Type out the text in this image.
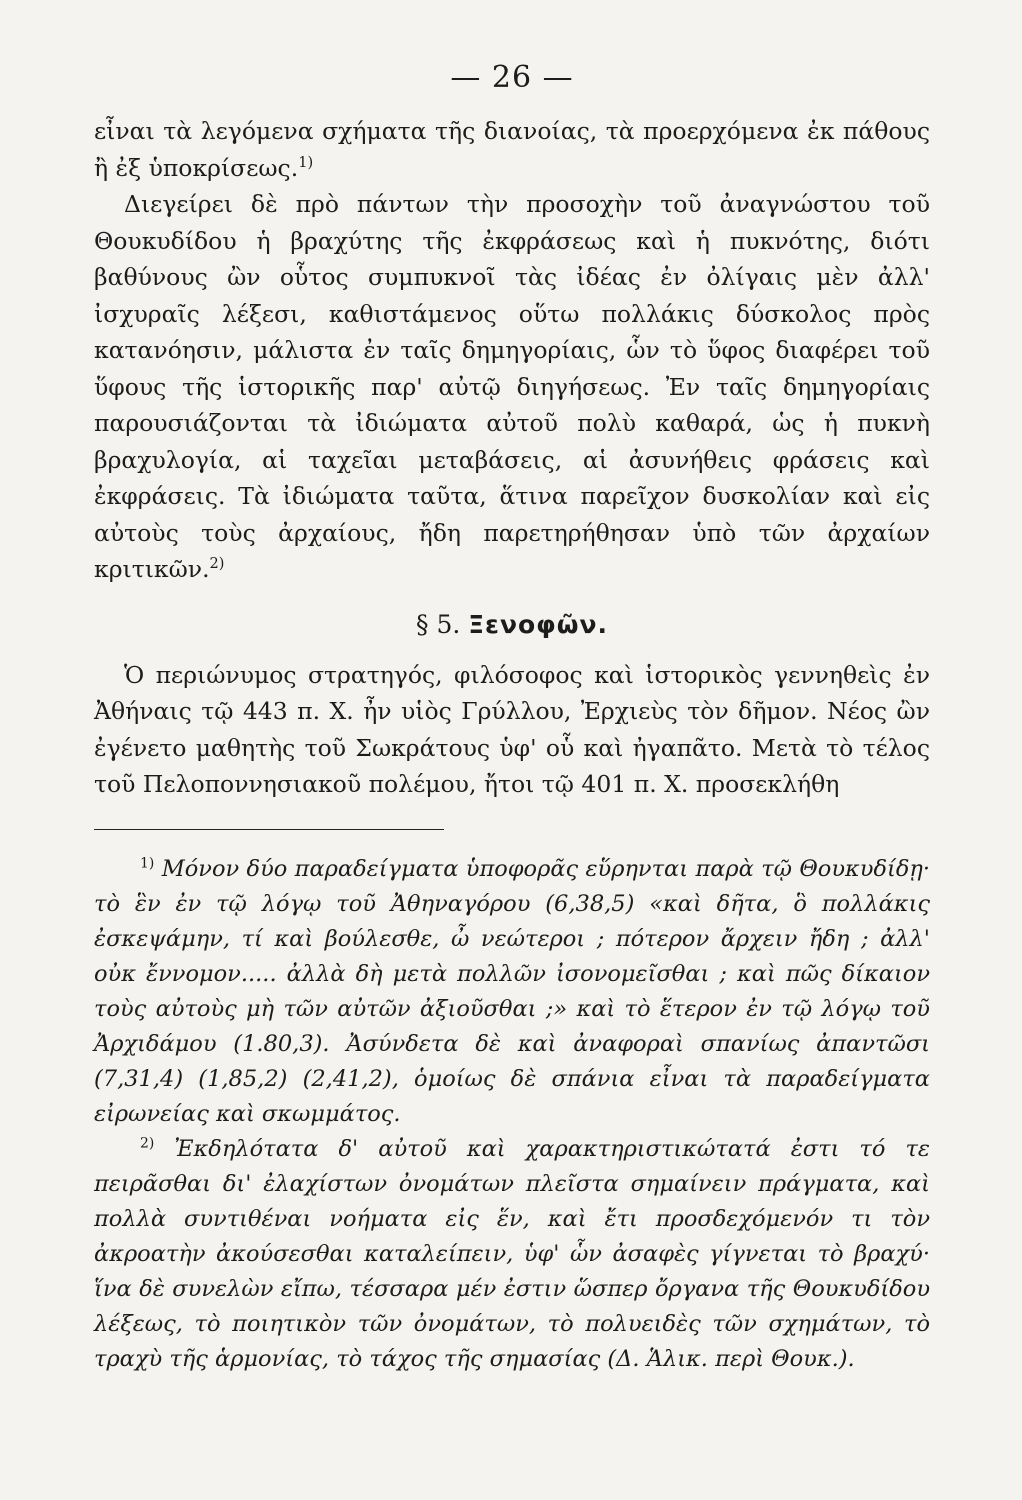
— 26 —

εἶναι τὰ λεγόμενα σχήματα τῆς διανοίας, τὰ προερχόμενα ἐκ πάθους ἢ ἐξ ὑποκρίσεως.$^{1)}$

Διεγείρει δὲ πρὸ πάντων τὴν προσοχὴν τοῦ ἀναγνώστου τοῦ Θουκυδίδου ἡ βραχύτης τῆς ἐκφράσεως καὶ ἡ πυκνότης, διότι βαθύνους ὢν οὗτος συμπυκνοῖ τὰς ἰδέας ἐν ὀλίγαις μὲν ἀλλ' ἰσχυραῖς λέξεσι, καθιστάμενος οὕτω πολλάκις δύσκολος πρὸς κατανόησιν, μάλιστα ἐν ταῖς δημηγορίαις, ὧν τὸ ὕφος διαφέρει τοῦ ὕφους τῆς ἱστορικῆς παρ' αὐτῷ διηγήσεως. Ἐν ταῖς δημηγορίαις παρουσιάζονται τὰ ἰδιώματα αὐτοῦ πολὺ καθαρά, ὡς ἡ πυκνὴ βραχυλογία, αἱ ταχεῖαι μεταβάσεις, αἱ ἀσυνήθεις φράσεις καὶ ἐκφράσεις. Τὰ ἰδιώματα ταῦτα, ἅτινα παρεῖχον δυσκολίαν καὶ εἰς αὐτοὺς τοὺς ἀρχαίους, ἤδη παρετηρήθησαν ὑπὸ τῶν ἀρχαίων κριτικῶν.$^{2)}$

§ 5. Ξενοφῶν.

Ὁ περιώνυμος στρατηγός, φιλόσοφος καὶ ἱστορικὸς γεννηθεὶς ἐν Ἀθήναις τῷ 443 π. Χ. ἦν υἱὸς Γρύλλου, Ἐρχιεὺς τὸν δῆμον. Νέος ὢν ἐγένετο μαθητὴς τοῦ Σωκράτους ὑφ' οὗ καὶ ἠγαπᾶτο. Μετὰ τὸ τέλος τοῦ Πελοποννησιακοῦ πολέμου, ἤτοι τῷ 401 π. Χ. προσεκλήθη

$^{1)}$ Μόνον δύο παραδείγματα ὑποφορᾶς εὕρηνται παρὰ τῷ Θουκυδίδῃ· τὸ ἓν ἐν τῷ λόγῳ τοῦ Ἀθηναγόρου (6,38,5) «καὶ δῆτα, ὃ πολλάκις ἐσκεψάμην, τί καὶ βούλεσθε, ὦ νεώτεροι ; πότερον ἄρχειν ἤδη ; ἀλλ' οὐκ ἔννομον..... ἀλλὰ δὴ μετὰ πολλῶν ἰσονομεῖσθαι ; καὶ πῶς δίκαιον τοὺς αὐτοὺς μὴ τῶν αὐτῶν ἀξιοῦσθαι ;» καὶ τὸ ἕτερον ἐν τῷ λόγῳ τοῦ Ἀρχιδάμου (1.80,3). Ἀσύνδετα δὲ καὶ ἀναφοραὶ σπανίως ἀπαντῶσι (7,31,4) (1,85,2) (2,41,2), ὁμοίως δὲ σπάνια εἶναι τὰ παραδείγματα εἰρωνείας καὶ σκωμμάτος.

$^{2)}$ Ἐκδηλότατα δ' αὐτοῦ καὶ χαρακτηριστικώτατά ἐστι τό τε πειρᾶσθαι δι' ἐλαχίστων ὀνομάτων πλεῖστα σημαίνειν πράγματα, καὶ πολλὰ συντιθέναι νοήματα εἰς ἕν, καὶ ἔτι προσδεχόμενόν τι τὸν ἀκροατὴν ἀκούσεσθαι καταλείπειν, ὑφ' ὧν ἀσαφὲς γίγνεται τὸ βραχύ· ἵνα δὲ συνελὼν εἴπω, τέσσαρα μέν ἐστιν ὥσπερ ὄργανα τῆς Θουκυδίδου λέξεως, τὸ ποιητικὸν τῶν ὀνομάτων, τὸ πολυειδὲς τῶν σχημάτων, τὸ τραχὺ τῆς ἁρμονίας, τὸ τάχος τῆς σημασίας (Δ. Ἁλικ. περὶ Θουκ.).
